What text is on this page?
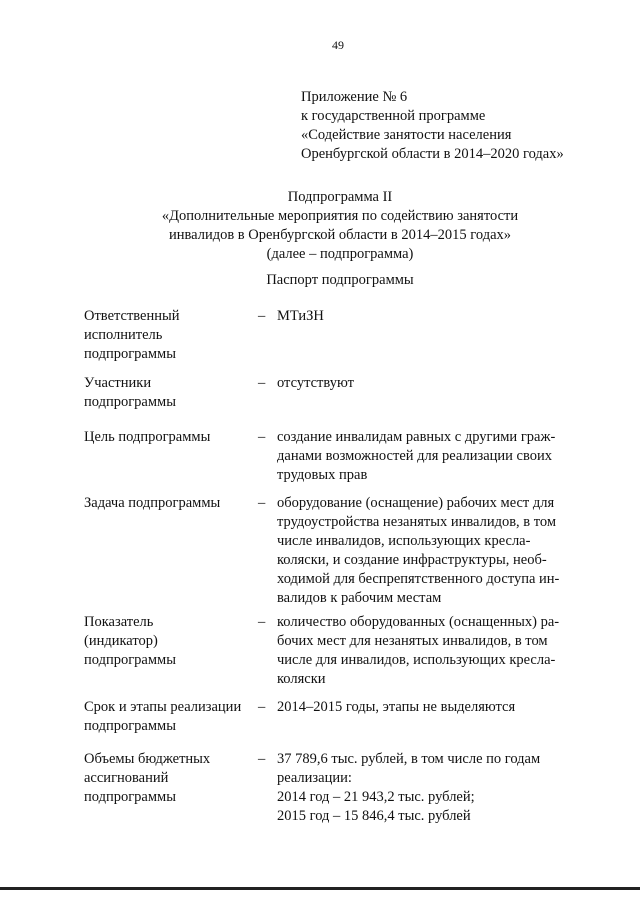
49
Приложение № 6
к государственной программе
«Содействие занятости населения
Оренбургской области в 2014–2020 годах»
Подпрограмма II
«Дополнительные мероприятия по содействию занятости
инвалидов в Оренбургской области в 2014–2015 годах»
(далее – подпрограмма)
Паспорт подпрограммы
Ответственный
исполнитель
подпрограммы
– МТиЗН
Участники
подпрограммы
– отсутствуют
Цель подпрограммы	– создание инвалидам равных с другими граж-
данами возможностей для реализации своих
трудовых прав
Задача подпрограммы	– оборудование (оснащение) рабочих мест для
трудоустройства незанятых инвалидов, в том
числе инвалидов, использующих кресла-
коляски, и создание инфраструктуры, необ-
ходимой для беспрепятственного доступа ин-
валидов к рабочим местам
Показатель
(индикатор)
подпрограммы
– количество оборудованных (оснащенных) ра-
бочих мест для незанятых инвалидов, в том
числе для инвалидов, использующих кресла-
коляски
Срок и этапы реализации
подпрограммы
– 2014–2015 годы, этапы не выделяются
Объемы бюджетных
ассигнований
подпрограммы
– 37 789,6 тыс. рублей, в том числе по годам
реализации:
2014 год – 21 943,2 тыс. рублей;
2015 год – 15 846,4 тыс. рублей
